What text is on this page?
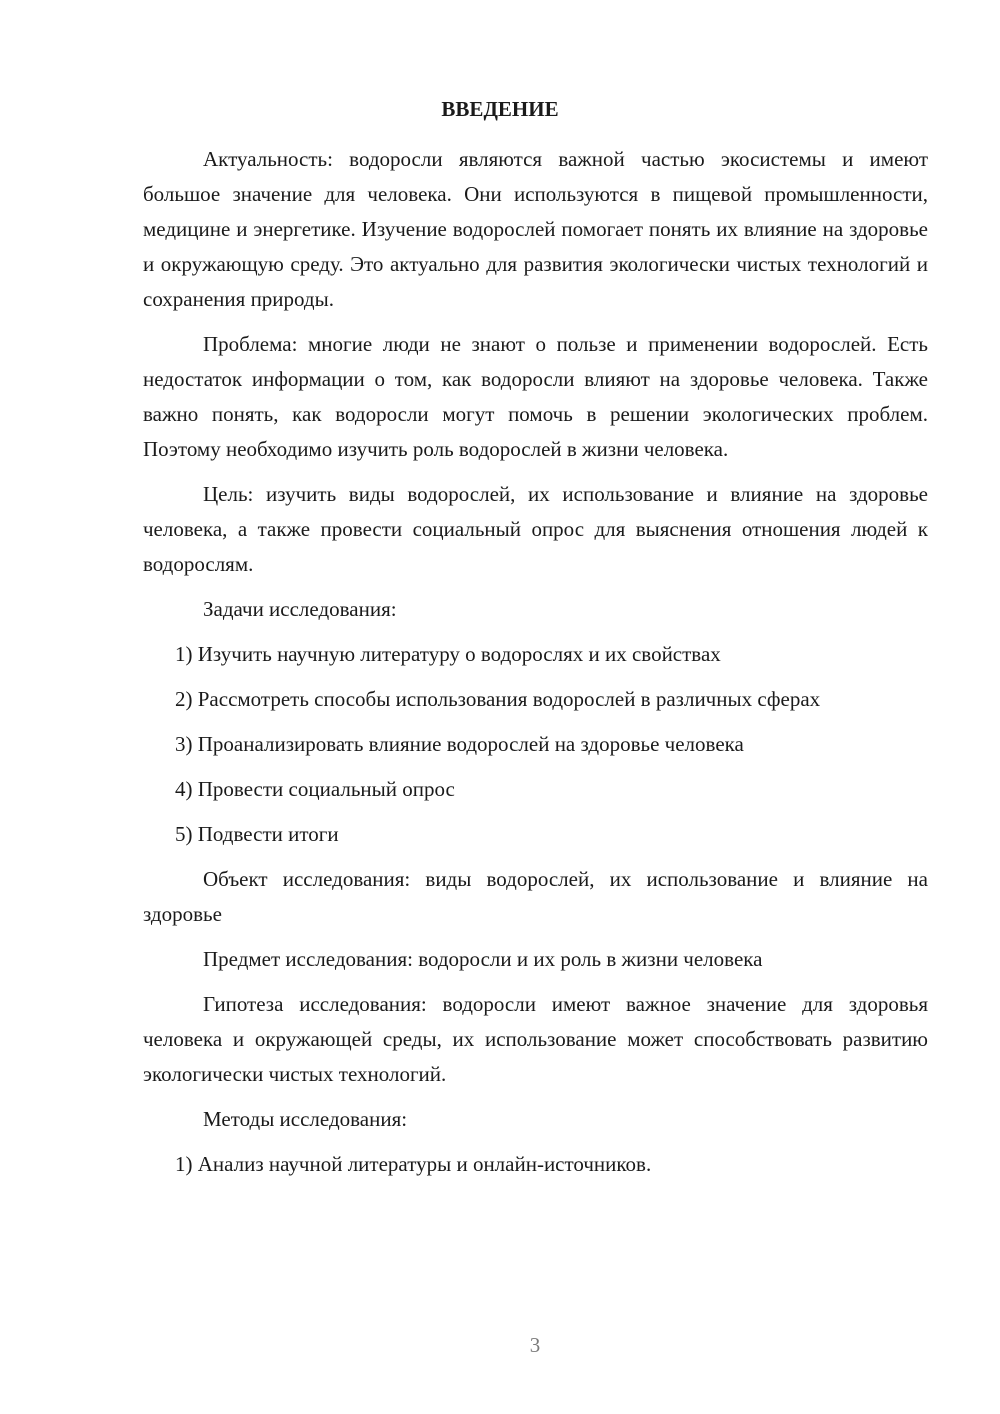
ВВЕДЕНИЕ

Актуальность: водоросли являются важной частью экосистемы и имеют большое значение для человека. Они используются в пищевой промышленности, медицине и энергетике. Изучение водорослей помогает понять их влияние на здоровье и окружающую среду. Это актуально для развития экологически чистых технологий и сохранения природы.

Проблема: многие люди не знают о пользе и применении водорослей. Есть недостаток информации о том, как водоросли влияют на здоровье человека. Также важно понять, как водоросли могут помочь в решении экологических проблем. Поэтому необходимо изучить роль водорослей в жизни человека.

Цель: изучить виды водорослей, их использование и влияние на здоровье человека, а также провести социальный опрос для выяснения отношения людей к водорослям.

Задачи исследования:

1) Изучить научную литературу о водорослях и их свойствах

2) Рассмотреть способы использования водорослей в различных сферах

3) Проанализировать влияние водорослей на здоровье человека

4) Провести социальный опрос

5) Подвести итоги

Объект исследования: виды водорослей, их использование и влияние на здоровье

Предмет исследования: водоросли и их роль в жизни человека

Гипотеза исследования: водоросли имеют важное значение для здоровья человека и окружающей среды, их использование может способствовать развитию экологически чистых технологий.

Методы исследования:

1) Анализ научной литературы и онлайн-источников.

3
